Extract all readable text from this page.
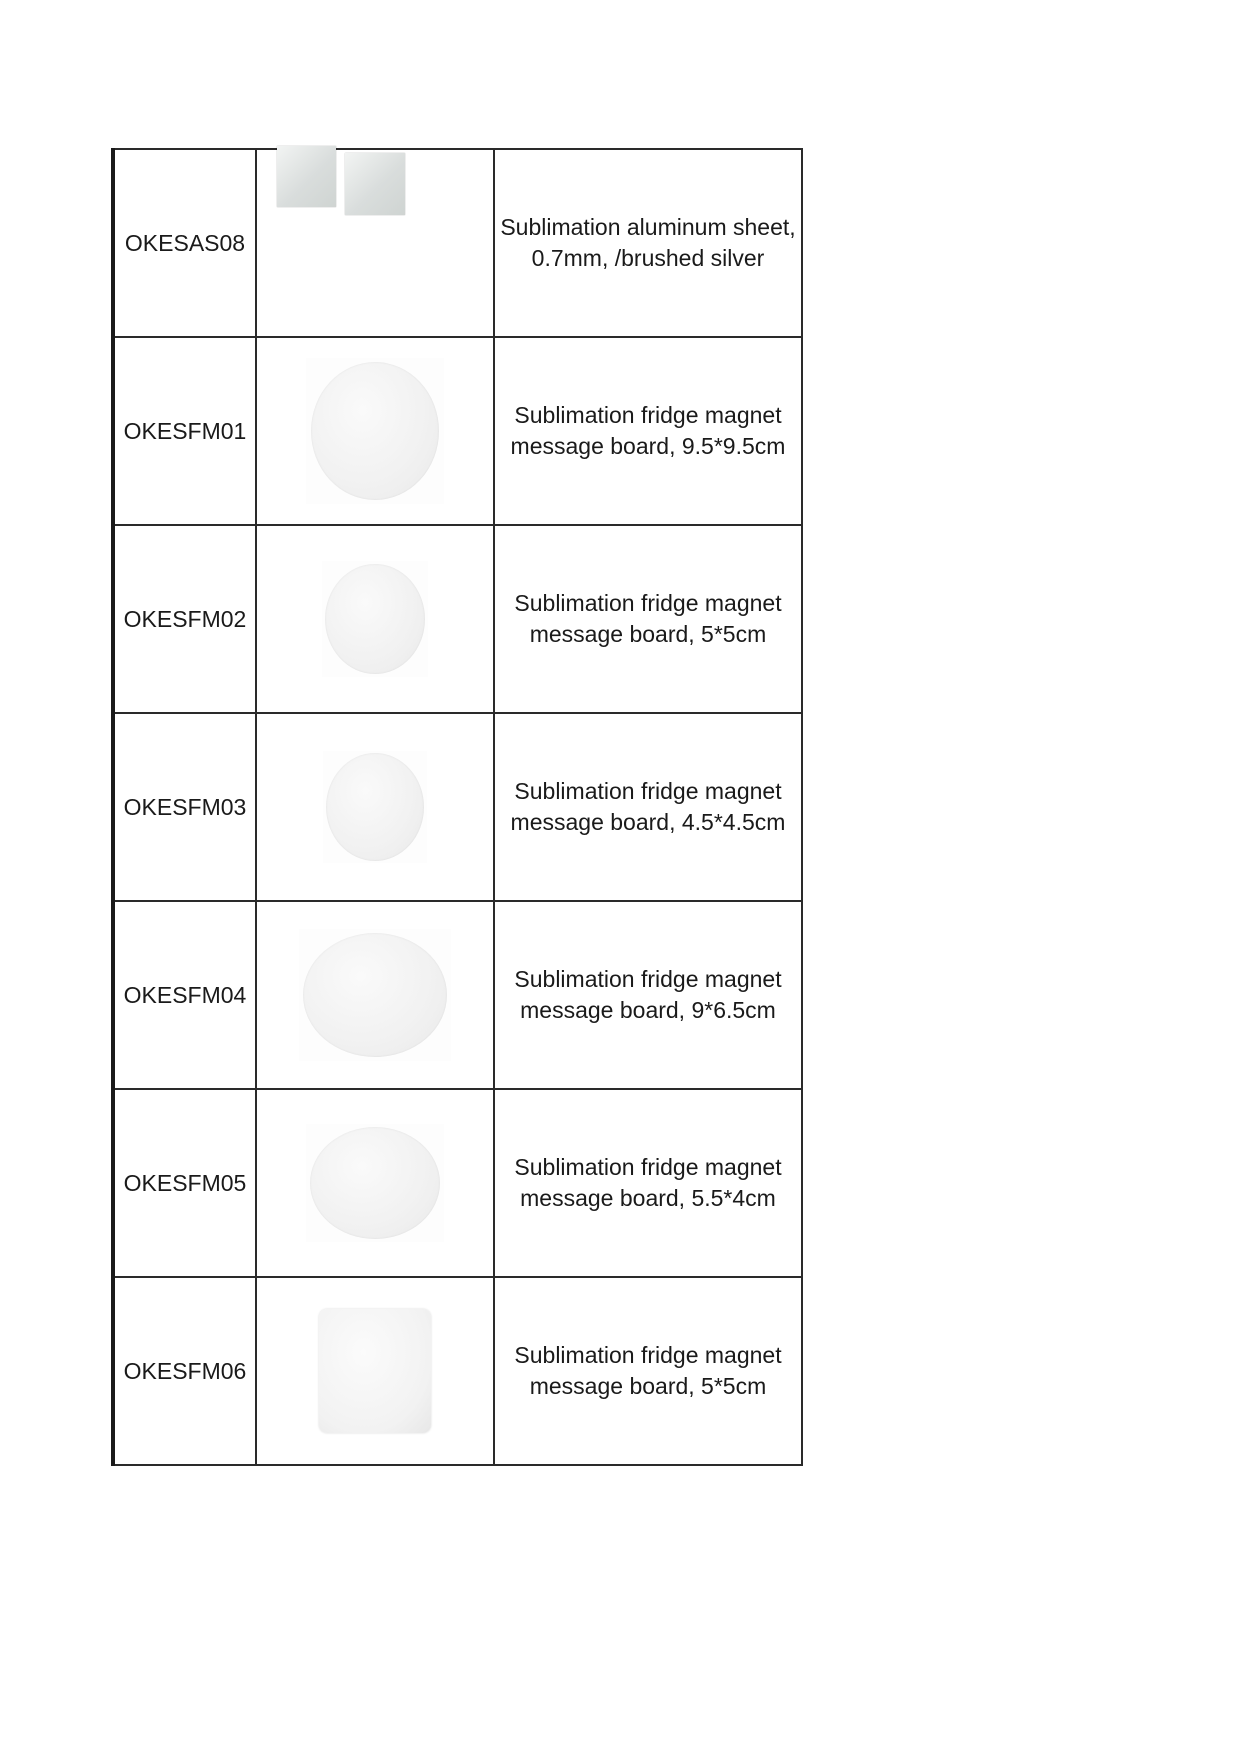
OKESAS08		Sublimation aluminum sheet, 0.7mm, /brushed silver
OKESFM01		Sublimation fridge magnet message board, 9.5*9.5cm
OKESFM02		Sublimation fridge magnet message board, 5*5cm
OKESFM03		Sublimation fridge magnet message board, 4.5*4.5cm
OKESFM04		Sublimation fridge magnet message board, 9*6.5cm
OKESFM05		Sublimation fridge magnet message board, 5.5*4cm
OKESFM06		Sublimation fridge magnet message board, 5*5cm
